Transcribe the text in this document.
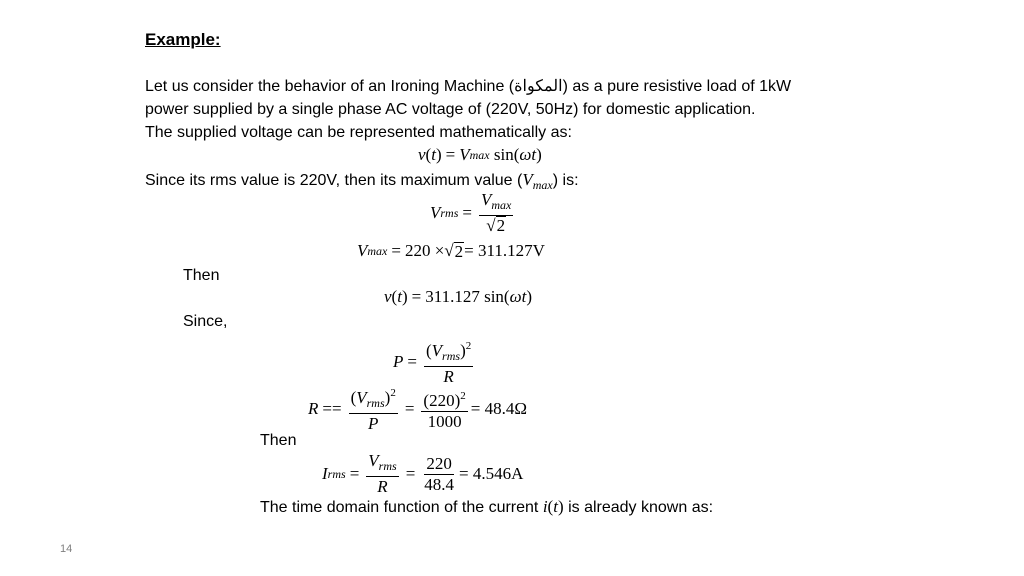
Example:
Let us consider the behavior of an Ironing Machine (المكواة) as a pure resistive load of 1kW
power supplied by a single phase AC voltage of (220V, 50Hz) for domestic application.
The supplied voltage can be represented mathematically as:
v ( t ) = V max
sin( ωt )
Since its rms value is 220V, then its maximum value $(V_{max})$ is:
V rms = $\frac{V_{max}}{√ 2}$
V max = 220 × √ 2 = 311.127V
Then
v ( t ) = 311.127 sin( ωt )
Since,
$P = \frac{(V_{rms})^2}{R}$
$R == \frac{(V_{rms})^2}{P} = \frac{(220)^2}{1000} = 48.4\Omega$
Then
I rms = $\frac{V_{rms}}{R} = \frac{220}{48.4} = 4.546A$
The time domain function of the current i(t) is already known as:
14
